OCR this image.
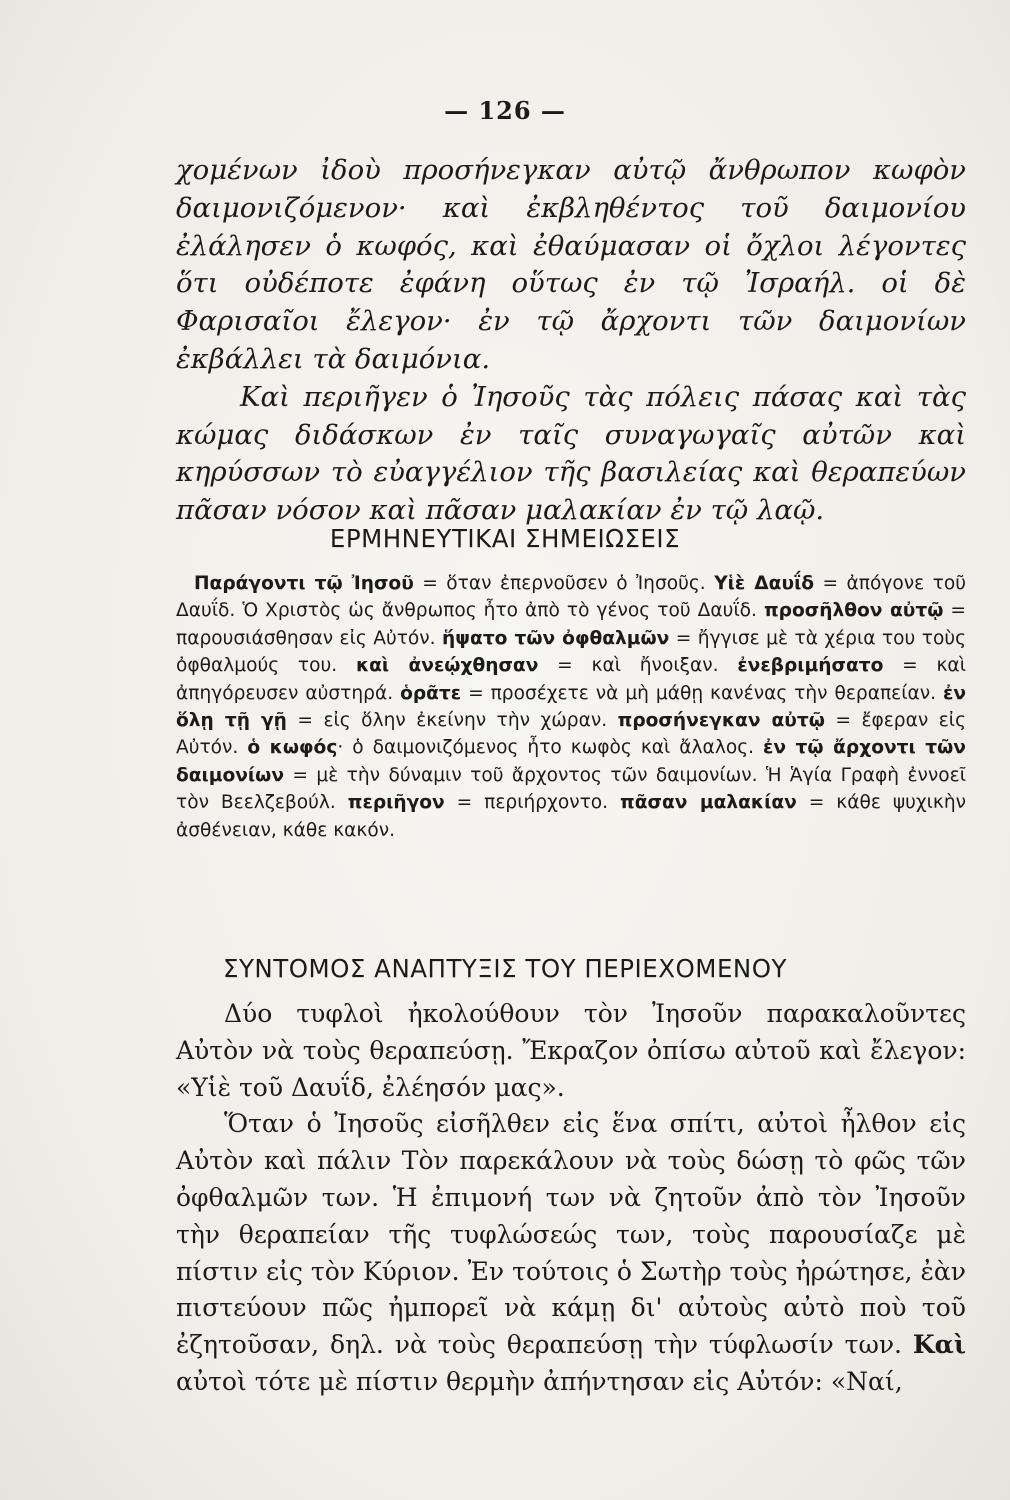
— 126 —

χομένων ἰδοὺ προσήνεγκαν αὐτῷ ἄνθρωπον κωφὸν δαιμονιζόμενον· καὶ ἐκβληθέντος τοῦ δαιμονίου ἐλάλησεν ὁ κωφός, καὶ ἐθαύμασαν οἱ ὄχλοι λέγοντες ὅτι οὐδέποτε ἐφάνη οὕτως ἐν τῷ Ἰσραήλ. οἱ δὲ Φαρισαῖοι ἔλεγον· ἐν τῷ ἄρχοντι τῶν δαιμονίων ἐκβάλλει τὰ δαιμόνια.

Καὶ περιῆγεν ὁ Ἰησοῦς τὰς πόλεις πάσας καὶ τὰς κώμας διδάσκων ἐν ταῖς συναγωγαῖς αὐτῶν καὶ κηρύσσων τὸ εὐαγγέλιον τῆς βασιλείας καὶ θεραπεύων πᾶσαν νόσον καὶ πᾶσαν μαλακίαν ἐν τῷ λαῷ.

ΕΡΜΗΝΕΥΤΙΚΑΙ ΣΗΜΕΙΩΣΕΙΣ
Παράγοντι τῷ Ἰησοῦ = ὅταν ἐπερνοῦσεν ὁ Ἰησοῦς. Υἱὲ Δαυΐδ = ἀπόγονε τοῦ Δαυΐδ. Ὁ Χριστὸς ὡς ἄνθρωπος ἦτο ἀπὸ τὸ γένος τοῦ Δαυΐδ. προσῆλθον αὐτῷ = παρουσιάσθησαν εἰς Αὐτόν. ἥψατο τῶν ὀφθαλμῶν = ἤγγισε μὲ τὰ χέρια του τοὺς ὀφθαλμούς του. καὶ ἀνεῴχθησαν = καὶ ἤνοιξαν. ἐνεβριμήσατο = καὶ ἀπηγόρευσεν αὐστηρά. ὁρᾶτε = προσέχετε νὰ μὴ μάθῃ κανένας τὴν θεραπείαν. ἐν ὅλῃ τῇ γῇ = εἰς ὅλην ἐκείνην τὴν χώραν. προσήνεγκαν αὐτῷ = ἔφεραν εἰς Αὐτόν. ὁ κωφός· ὁ δαιμονιζόμενος ἦτο κωφὸς καὶ ἄλαλος. ἐν τῷ ἄρχοντι τῶν δαιμονίων = μὲ τὴν δύναμιν τοῦ ἄρχοντος τῶν δαιμονίων. Ἡ Ἁγία Γραφὴ ἐννοεῖ τὸν Βεελζεβούλ. περιῆγον = περιήρχοντο. πᾶσαν μαλακίαν = κάθε ψυχικὴν ἀσθένειαν, κάθε κακόν.
ΣΥΝΤΟΜΟΣ ΑΝΑΠΤΥΞΙΣ ΤΟΥ ΠΕΡΙΕΧΟΜΕΝΟΥ

Δύο τυφλοὶ ἠκολούθουν τὸν Ἰησοῦν παρακαλοῦντες Αὐτὸν νὰ τοὺς θεραπεύσῃ. Ἔκραζον ὀπίσω αὐτοῦ καὶ ἔλεγον: «Υἱὲ τοῦ Δαυΐδ, ἐλέησόν μας».

Ὅταν ὁ Ἰησοῦς εἰσῆλθεν εἰς ἕνα σπίτι, αὐτοὶ ἦλθον εἰς Αὐτὸν καὶ πάλιν Τὸν παρεκάλουν νὰ τοὺς δώσῃ τὸ φῶς τῶν ὀφθαλμῶν των. Ἡ ἐπιμονή των νὰ ζητοῦν ἀπὸ τὸν Ἰησοῦν τὴν θεραπείαν τῆς τυφλώσεώς των, τοὺς παρουσίαζε μὲ πίστιν εἰς τὸν Κύριον. Ἐν τούτοις ὁ Σωτὴρ τοὺς ἠρώτησε, ἐὰν πιστεύουν πῶς ἠμπορεῖ νὰ κάμῃ δι' αὐτοὺς αὐτὸ ποὺ τοῦ ἐζητοῦσαν, δηλ. νὰ τοὺς θεραπεύσῃ τὴν τύφλωσίν των. Καὶ αὐτοὶ τότε μὲ πίστιν θερμὴν ἀπήντησαν εἰς Αὐτόν: «Ναί,
